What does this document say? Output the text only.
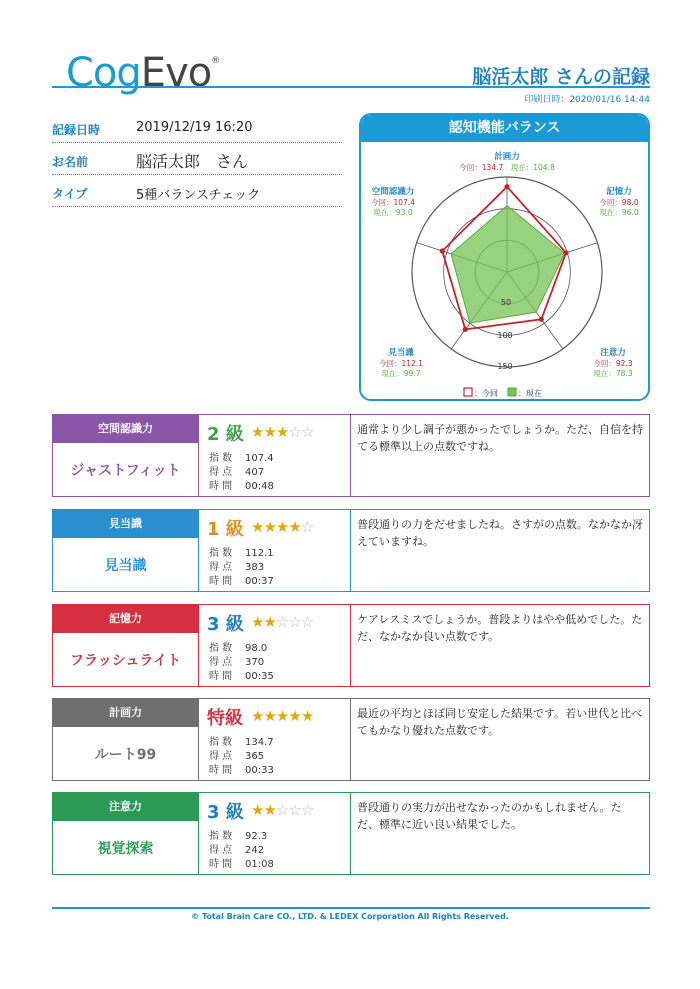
CogEvo®
脳活太郎 さんの記録
印刷日時：2020/01/16 14:44
記録日時	2019/12/19 16:20
お名前	脳活太郎　さん
タイプ	5種バランスチェック
認知機能バランス
50
100
150
計画力
今回：134.7　現在：104.8
記憶力
今回：98.0
現在：96.0
注意力
今回：92.3
現在：78.3
見当識
今回：112.1
現在：99.7
空間認識力
今回：107.4
現在：93.0
：今回	：現在
空間認識力
ジャストフィット
2 級 ★★★☆☆
指 数 107.4
得 点 407
時 間 00:48
通常より少し調子が悪かったでしょうか。ただ、自信を持てる標準以上の点数ですね。
見当識
見当識
1 級 ★★★★☆
指 数 112.1
得 点 383
時 間 00:37
普段通りの力をだせましたね。さすがの点数。なかなか冴えていますね。
記憶力
フラッシュライト
3 級 ★★☆☆☆
指 数 98.0
得 点 370
時 間 00:35
ケアレスミスでしょうか。普段よりはやや低めでした。ただ、なかなか良い点数です。
計画力
ルート99
特級 ★★★★★
指 数 134.7
得 点 365
時 間 00:33
最近の平均とほぼ同じ安定した結果です。若い世代と比べてもかなり優れた点数です。
注意力
視覚探索
3 級 ★★☆☆☆
指 数 92.3
得 点 242
時 間 01:08
普段通りの実力が出せなかったのかもしれません。ただ、標準に近い良い結果でした。
© Total Brain Care CO., LTD. & LEDEX Corporation All Rights Reserved.
